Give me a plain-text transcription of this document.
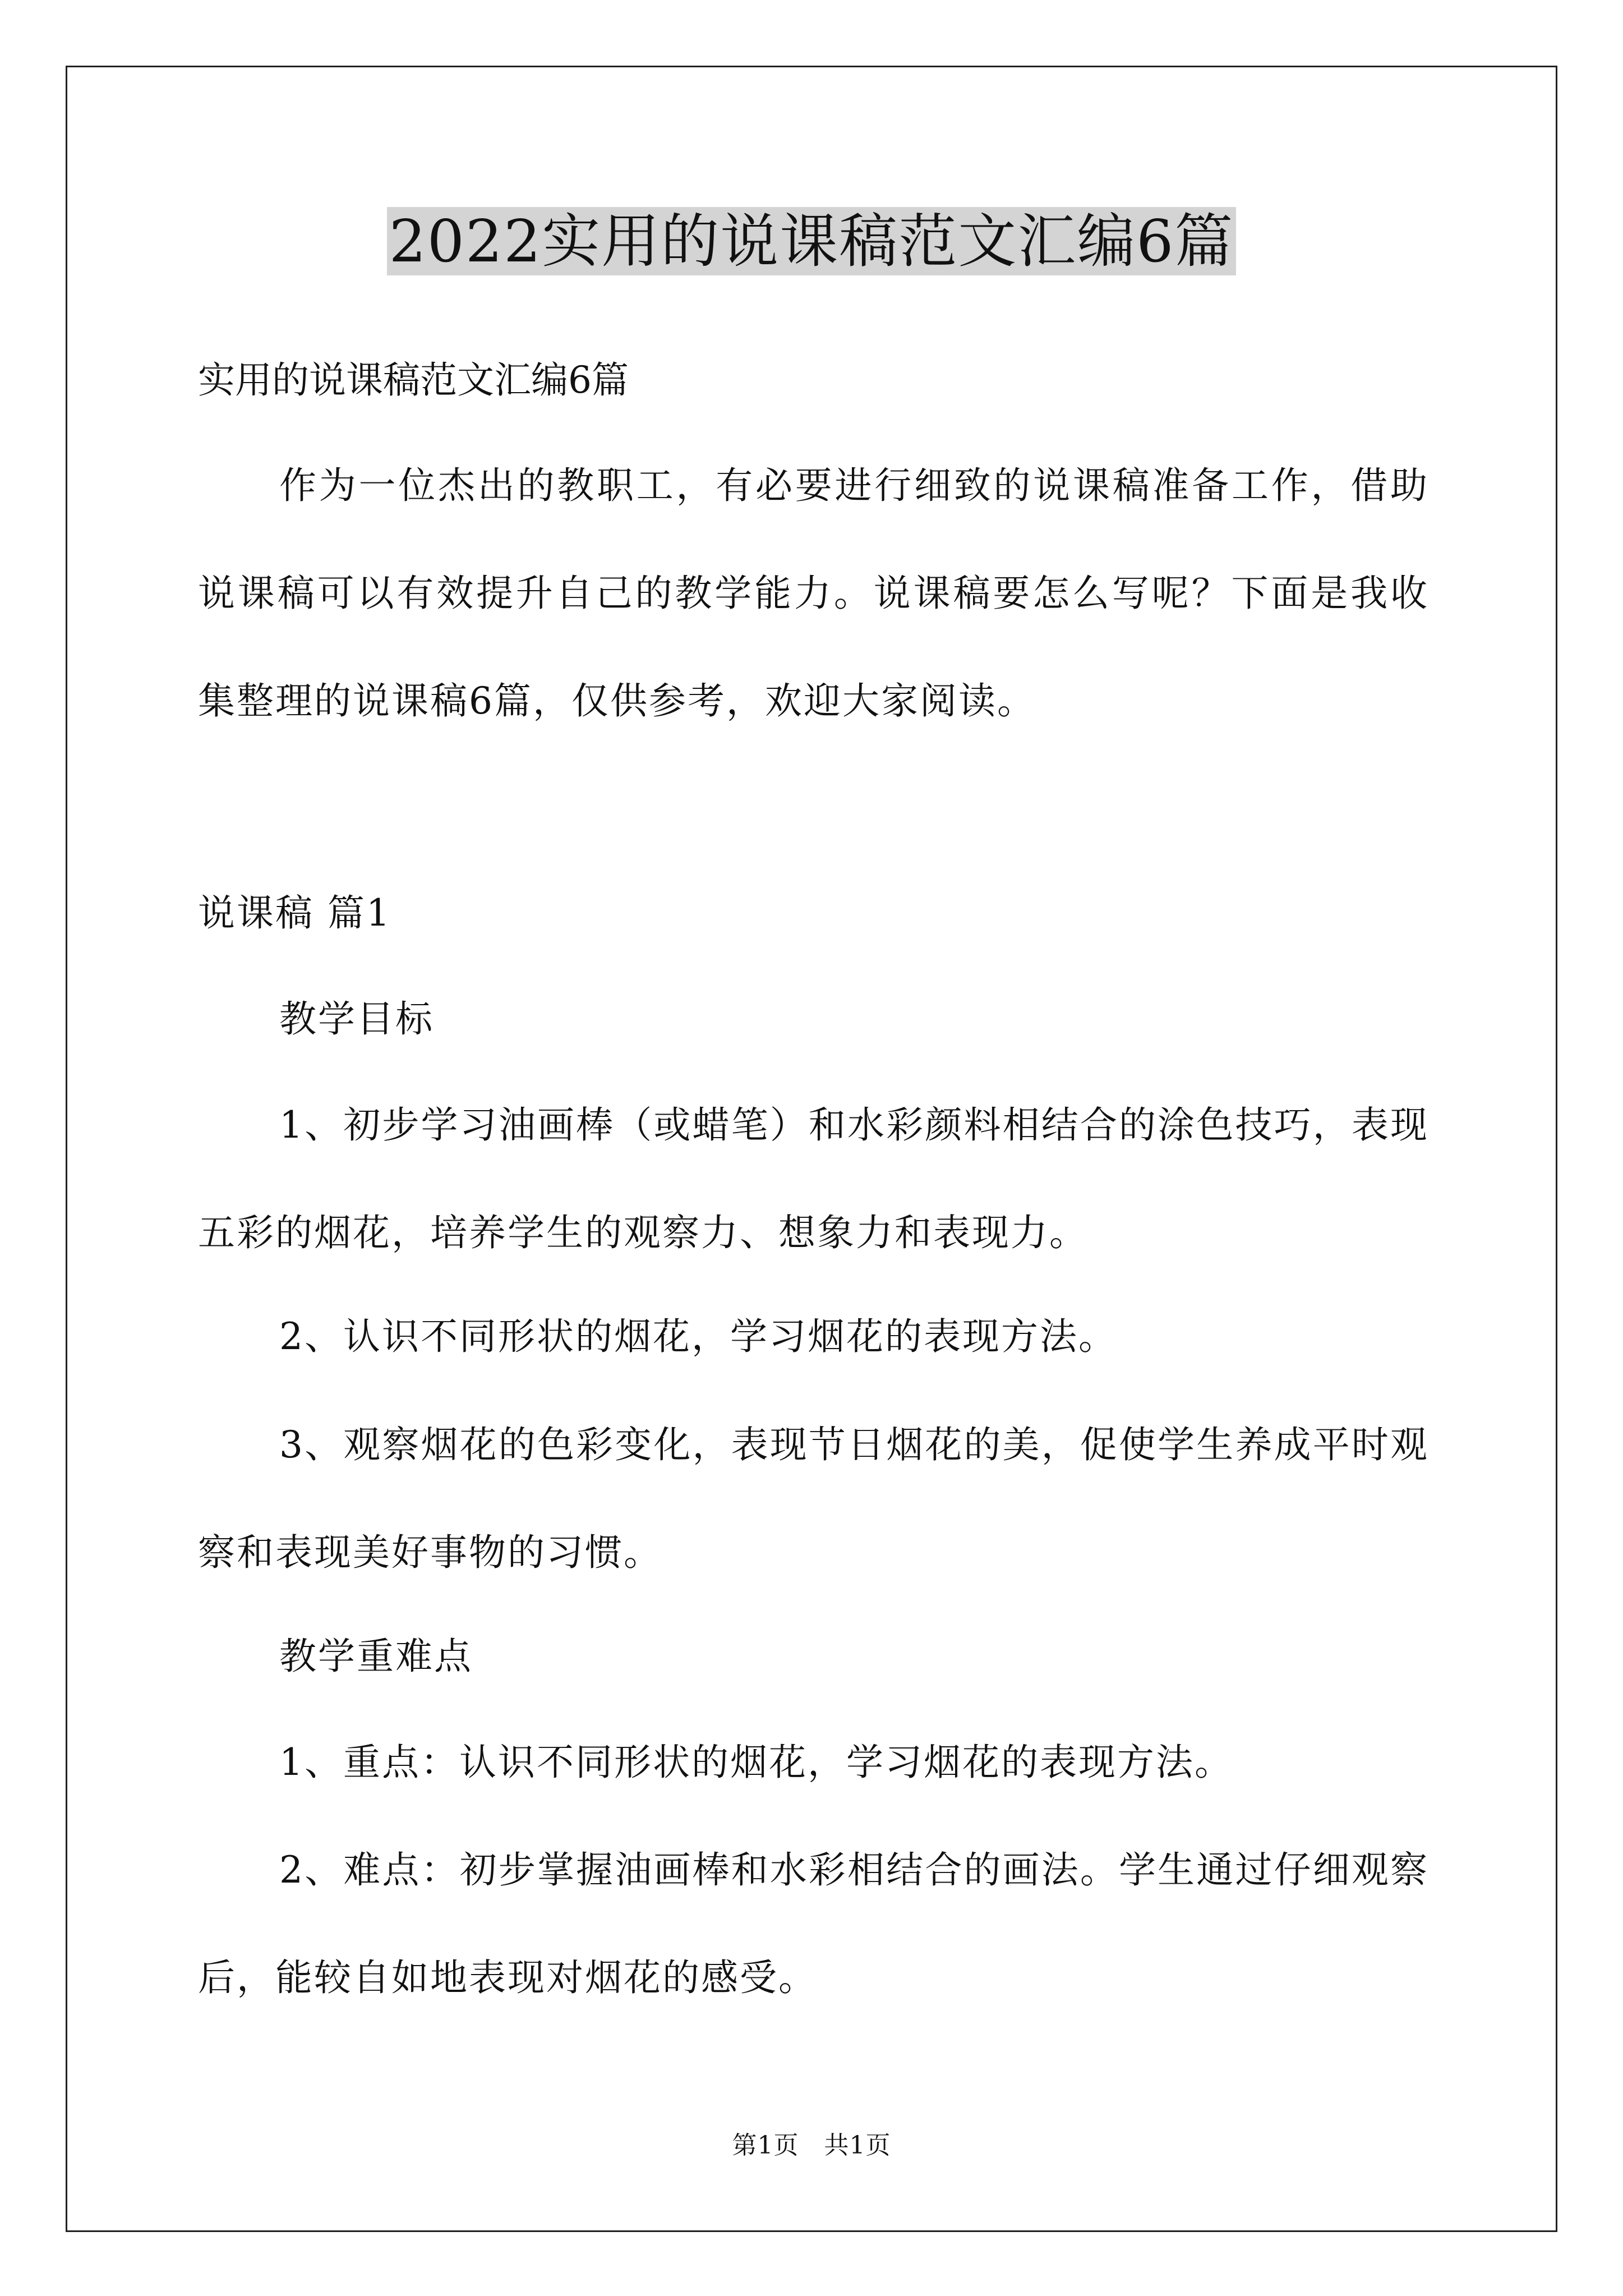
2022实用的说课稿范文汇编6篇
实用的说课稿范文汇编6篇
作为一位杰出的教职工，有必要进行细致的说课稿准备工作，借助说课稿可以有效提升自己的教学能力。说课稿要怎么写呢？下面是我收集整理的说课稿6篇，仅供参考，欢迎大家阅读。
说课稿 篇1
教学目标
1、初步学习油画棒（或蜡笔）和水彩颜料相结合的涂色技巧，表现五彩的烟花，培养学生的观察力、想象力和表现力。
2、认识不同形状的烟花，学习烟花的表现方法。
3、观察烟花的色彩变化，表现节日烟花的美，促使学生养成平时观察和表现美好事物的习惯。
教学重难点
1、重点：认识不同形状的烟花，学习烟花的表现方法。
2、难点：初步掌握油画棒和水彩相结合的画法。学生通过仔细观察后，能较自如地表现对烟花的感受。
第1页　共1页
